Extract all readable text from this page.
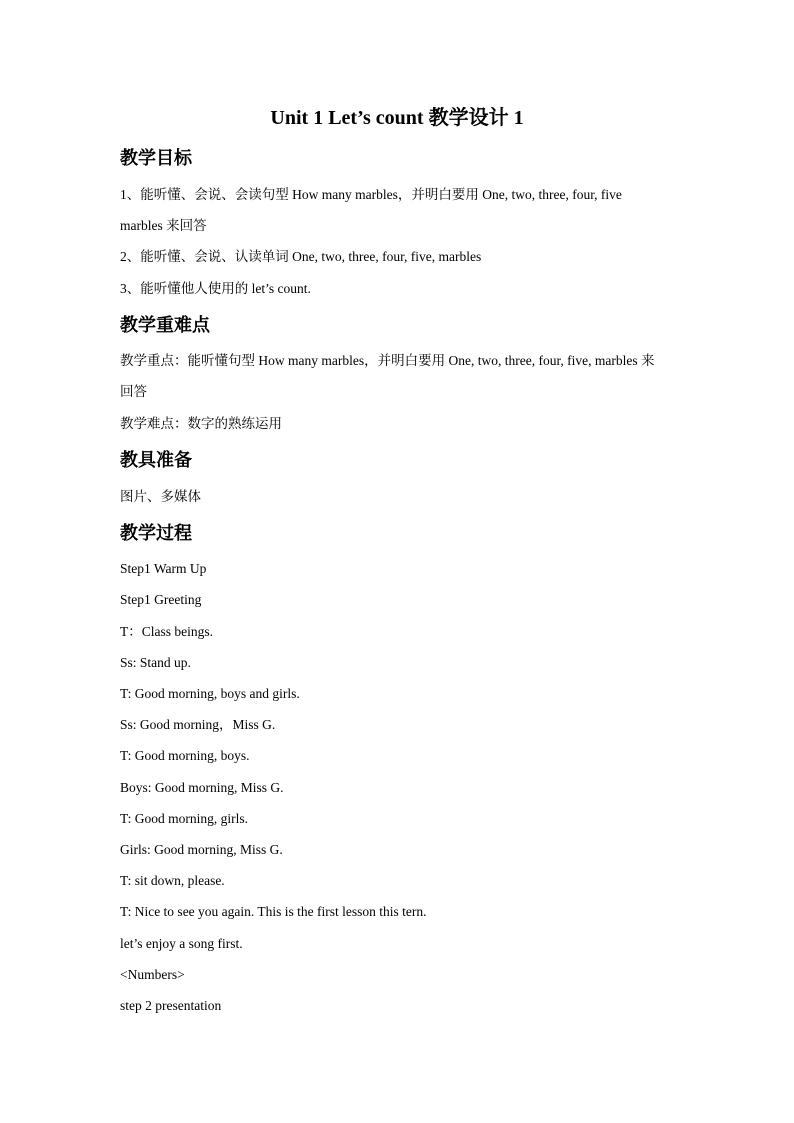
Unit 1 Let’s count 教学设计 1
教学目标
1、能听懂、会说、会读句型 How many marbles，并明白要用 One, two, three, four, five
marbles 来回答
2、能听懂、会说、认读单词 One, two, three, four, five, marbles
3、能听懂他人使用的 let’s count.
教学重难点
教学重点：能听懂句型 How many marbles，并明白要用 One, two, three, four, five, marbles 来
回答
教学难点：数字的熟练运用
教具准备
图片、多媒体
教学过程
Step1 Warm Up
Step1 Greeting
T：Class beings.
Ss: Stand up.
T: Good morning, boys and girls.
Ss: Good morning，Miss G.
T: Good morning, boys.
Boys: Good morning, Miss G.
T: Good morning, girls.
Girls: Good morning, Miss G.
T: sit down, please.
T: Nice to see you again. This is the first lesson this tern.
let’s enjoy a song first.
<Numbers>
step 2 presentation
